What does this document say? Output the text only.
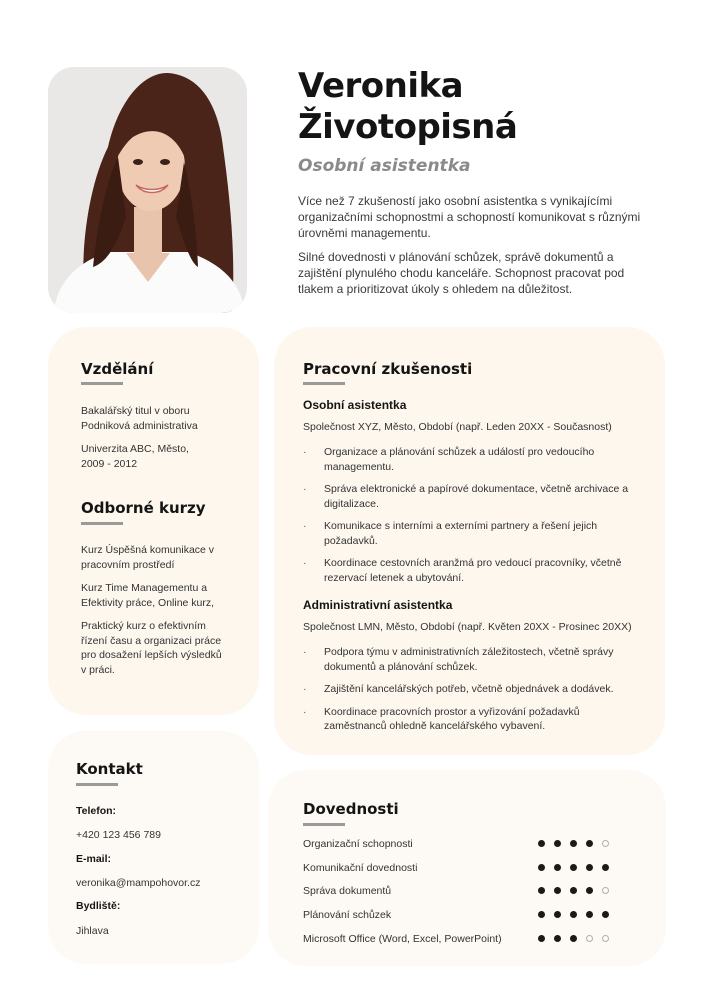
Veronika
Životopisná
Osobní asistentka

Více než 7 zkušeností jako osobní asistentka s vynikajícími organizačními schopnostmi a schopností komunikovat s různými úrovněmi managementu.

Silné dovednosti v plánování schůzek, správě dokumentů a zajištění plynulého chodu kanceláře. Schopnost pracovat pod tlakem a prioritizovat úkoly s ohledem na důležitost.

Vzdělání

Bakalářský titul v oboru Podniková administrativa

Univerzita ABC, Město, 2009 - 2012

Odborné kurzy

Kurz Úspěšná komunikace v pracovním prostředí

Kurz Time Managementu a Efektivity práce, Online kurz,

Praktický kurz o efektivním řízení času a organizaci práce pro dosažení lepších výsledků v práci.

Kontakt
Telefon:
+420 123 456 789
E-mail:
veronika@mampohovor.cz
Bydliště:
Jihlava
Pracovní zkušenosti
Osobní asistentka
Společnost XYZ, Město, Období (např. Leden 20XX - Současnost)
· Organizace a plánování schůzek a událostí pro vedoucího managementu.
· Správa elektronické a papírové dokumentace, včetně archivace a digitalizace.
· Komunikace s interními a externími partnery a řešení jejich požadavků.
· Koordinace cestovních aranžmá pro vedoucí pracovníky, včetně rezervací letenek a ubytování.
Administrativní asistentka
Společnost LMN, Město, Období (např. Květen 20XX - Prosinec 20XX)
· Podpora týmu v administrativních záležitostech, včetně správy dokumentů a plánování schůzek.
· Zajištění kancelářských potřeb, včetně objednávek a dodávek.
· Koordinace pracovních prostor a vyřizování požadavků zaměstnanců ohledně kancelářského vybavení.
Dovednosti
Organizační schopnosti
Komunikační dovednosti
Správa dokumentů
Plánování schůzek
Microsoft Office (Word, Excel, PowerPoint)
